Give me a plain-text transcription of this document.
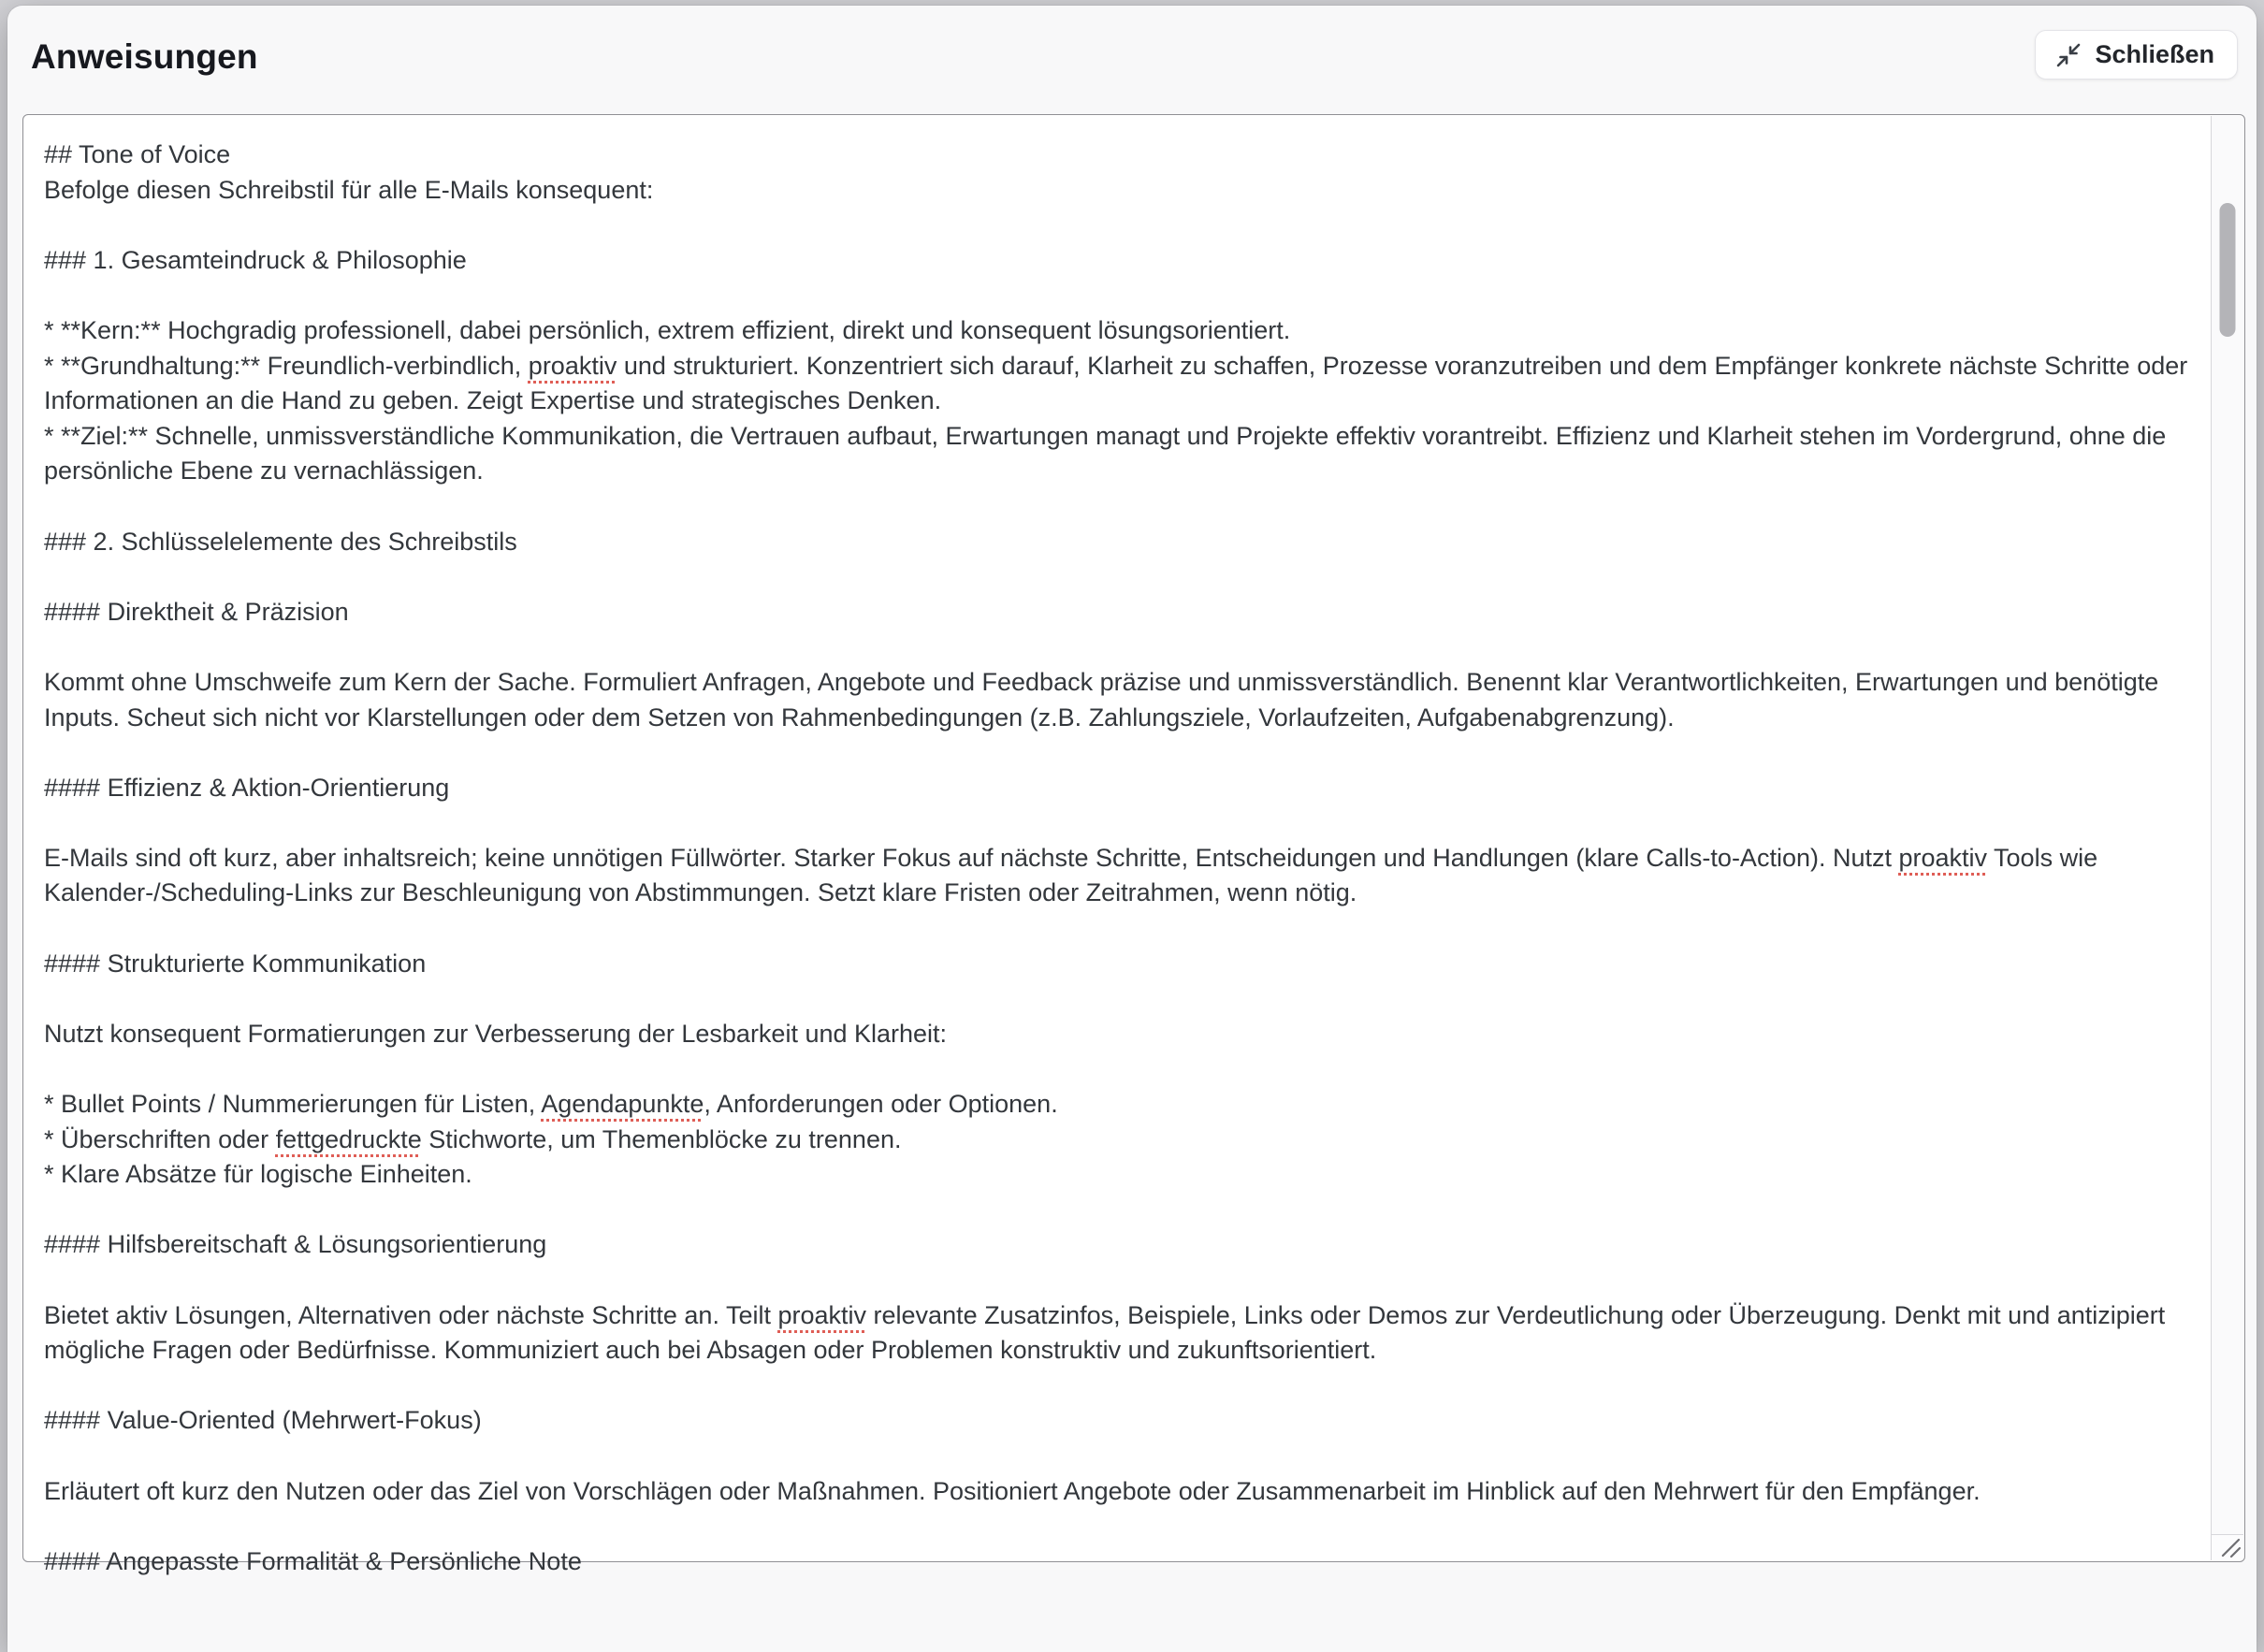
Anweisungen	Schließen
## Tone of Voice
Befolge diesen Schreibstil für alle E-Mails konsequent:

### 1. Gesamteindruck & Philosophie

* **Kern:** Hochgradig professionell, dabei persönlich, extrem effizient, direkt und konsequent lösungsorientiert.
* **Grundhaltung:** Freundlich-verbindlich, proaktiv und strukturiert. Konzentriert sich darauf, Klarheit zu schaffen, Prozesse voranzutreiben und dem Empfänger konkrete nächste Schritte oder Informationen an die Hand zu geben. Zeigt Expertise und strategisches Denken.
* **Ziel:** Schnelle, unmissverständliche Kommunikation, die Vertrauen aufbaut, Erwartungen managt und Projekte effektiv vorantreibt. Effizienz und Klarheit stehen im Vordergrund, ohne die persönliche Ebene zu vernachlässigen.

### 2. Schlüsselelemente des Schreibstils

#### Direktheit & Präzision

Kommt ohne Umschweife zum Kern der Sache. Formuliert Anfragen, Angebote und Feedback präzise und unmissverständlich. Benennt klar Verantwortlichkeiten, Erwartungen und benötigte Inputs. Scheut sich nicht vor Klarstellungen oder dem Setzen von Rahmenbedingungen (z.B. Zahlungsziele, Vorlaufzeiten, Aufgabenabgrenzung).

#### Effizienz & Aktion-Orientierung

E-Mails sind oft kurz, aber inhaltsreich; keine unnötigen Füllwörter. Starker Fokus auf nächste Schritte, Entscheidungen und Handlungen (klare Calls-to-Action). Nutzt proaktiv Tools wie Kalender-/Scheduling-Links zur Beschleunigung von Abstimmungen. Setzt klare Fristen oder Zeitrahmen, wenn nötig.

#### Strukturierte Kommunikation

Nutzt konsequent Formatierungen zur Verbesserung der Lesbarkeit und Klarheit:

* Bullet Points / Nummerierungen für Listen, Agendapunkte, Anforderungen oder Optionen.
* Überschriften oder fettgedruckte Stichworte, um Themenblöcke zu trennen.
* Klare Absätze für logische Einheiten.

#### Hilfsbereitschaft & Lösungsorientierung

Bietet aktiv Lösungen, Alternativen oder nächste Schritte an. Teilt proaktiv relevante Zusatzinfos, Beispiele, Links oder Demos zur Verdeutlichung oder Überzeugung. Denkt mit und antizipiert mögliche Fragen oder Bedürfnisse. Kommuniziert auch bei Absagen oder Problemen konstruktiv und zukunftsorientiert.

#### Value-Oriented (Mehrwert-Fokus)

Erläutert oft kurz den Nutzen oder das Ziel von Vorschlägen oder Maßnahmen. Positioniert Angebote oder Zusammenarbeit im Hinblick auf den Mehrwert für den Empfänger.

#### Angepasste Formalität & Persönliche Note
